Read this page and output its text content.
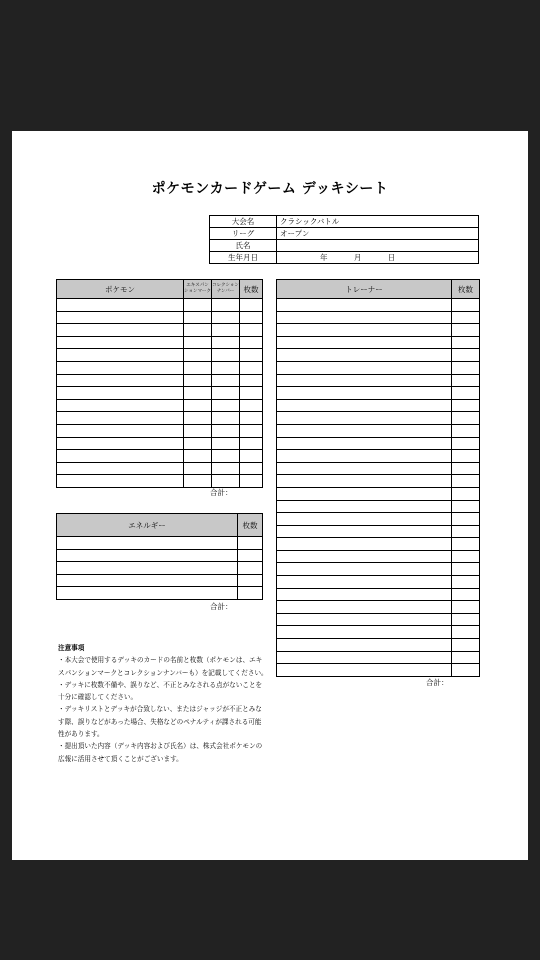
ポケモンカードゲーム デッキシート
大会名	クラシックバトル
リーグ	オープン
氏名	
生年月日	年 月 日
ポケモン	エキスパン ションマーク	コレクション ナンバー	枚数

合計：
エネルギー	枚数

合計：
トレーナー	枚数

合計：
注意事項
・本大会で使用するデッキのカードの名前と枚数（ポケモンは、エキスパンションマークとコレクションナンバーも）を記載してください。
・デッキに枚数不備や、誤りなど、不正とみなされる点がないことを十分に確認してください。
・デッキリストとデッキが合致しない、またはジャッジが不正とみなす際、誤りなどがあった場合、失格などのペナルティが課される可能性があります。
・提出頂いた内容（デッキ内容および氏名）は、株式会社ポケモンの広報に活用させて頂くことがございます。
